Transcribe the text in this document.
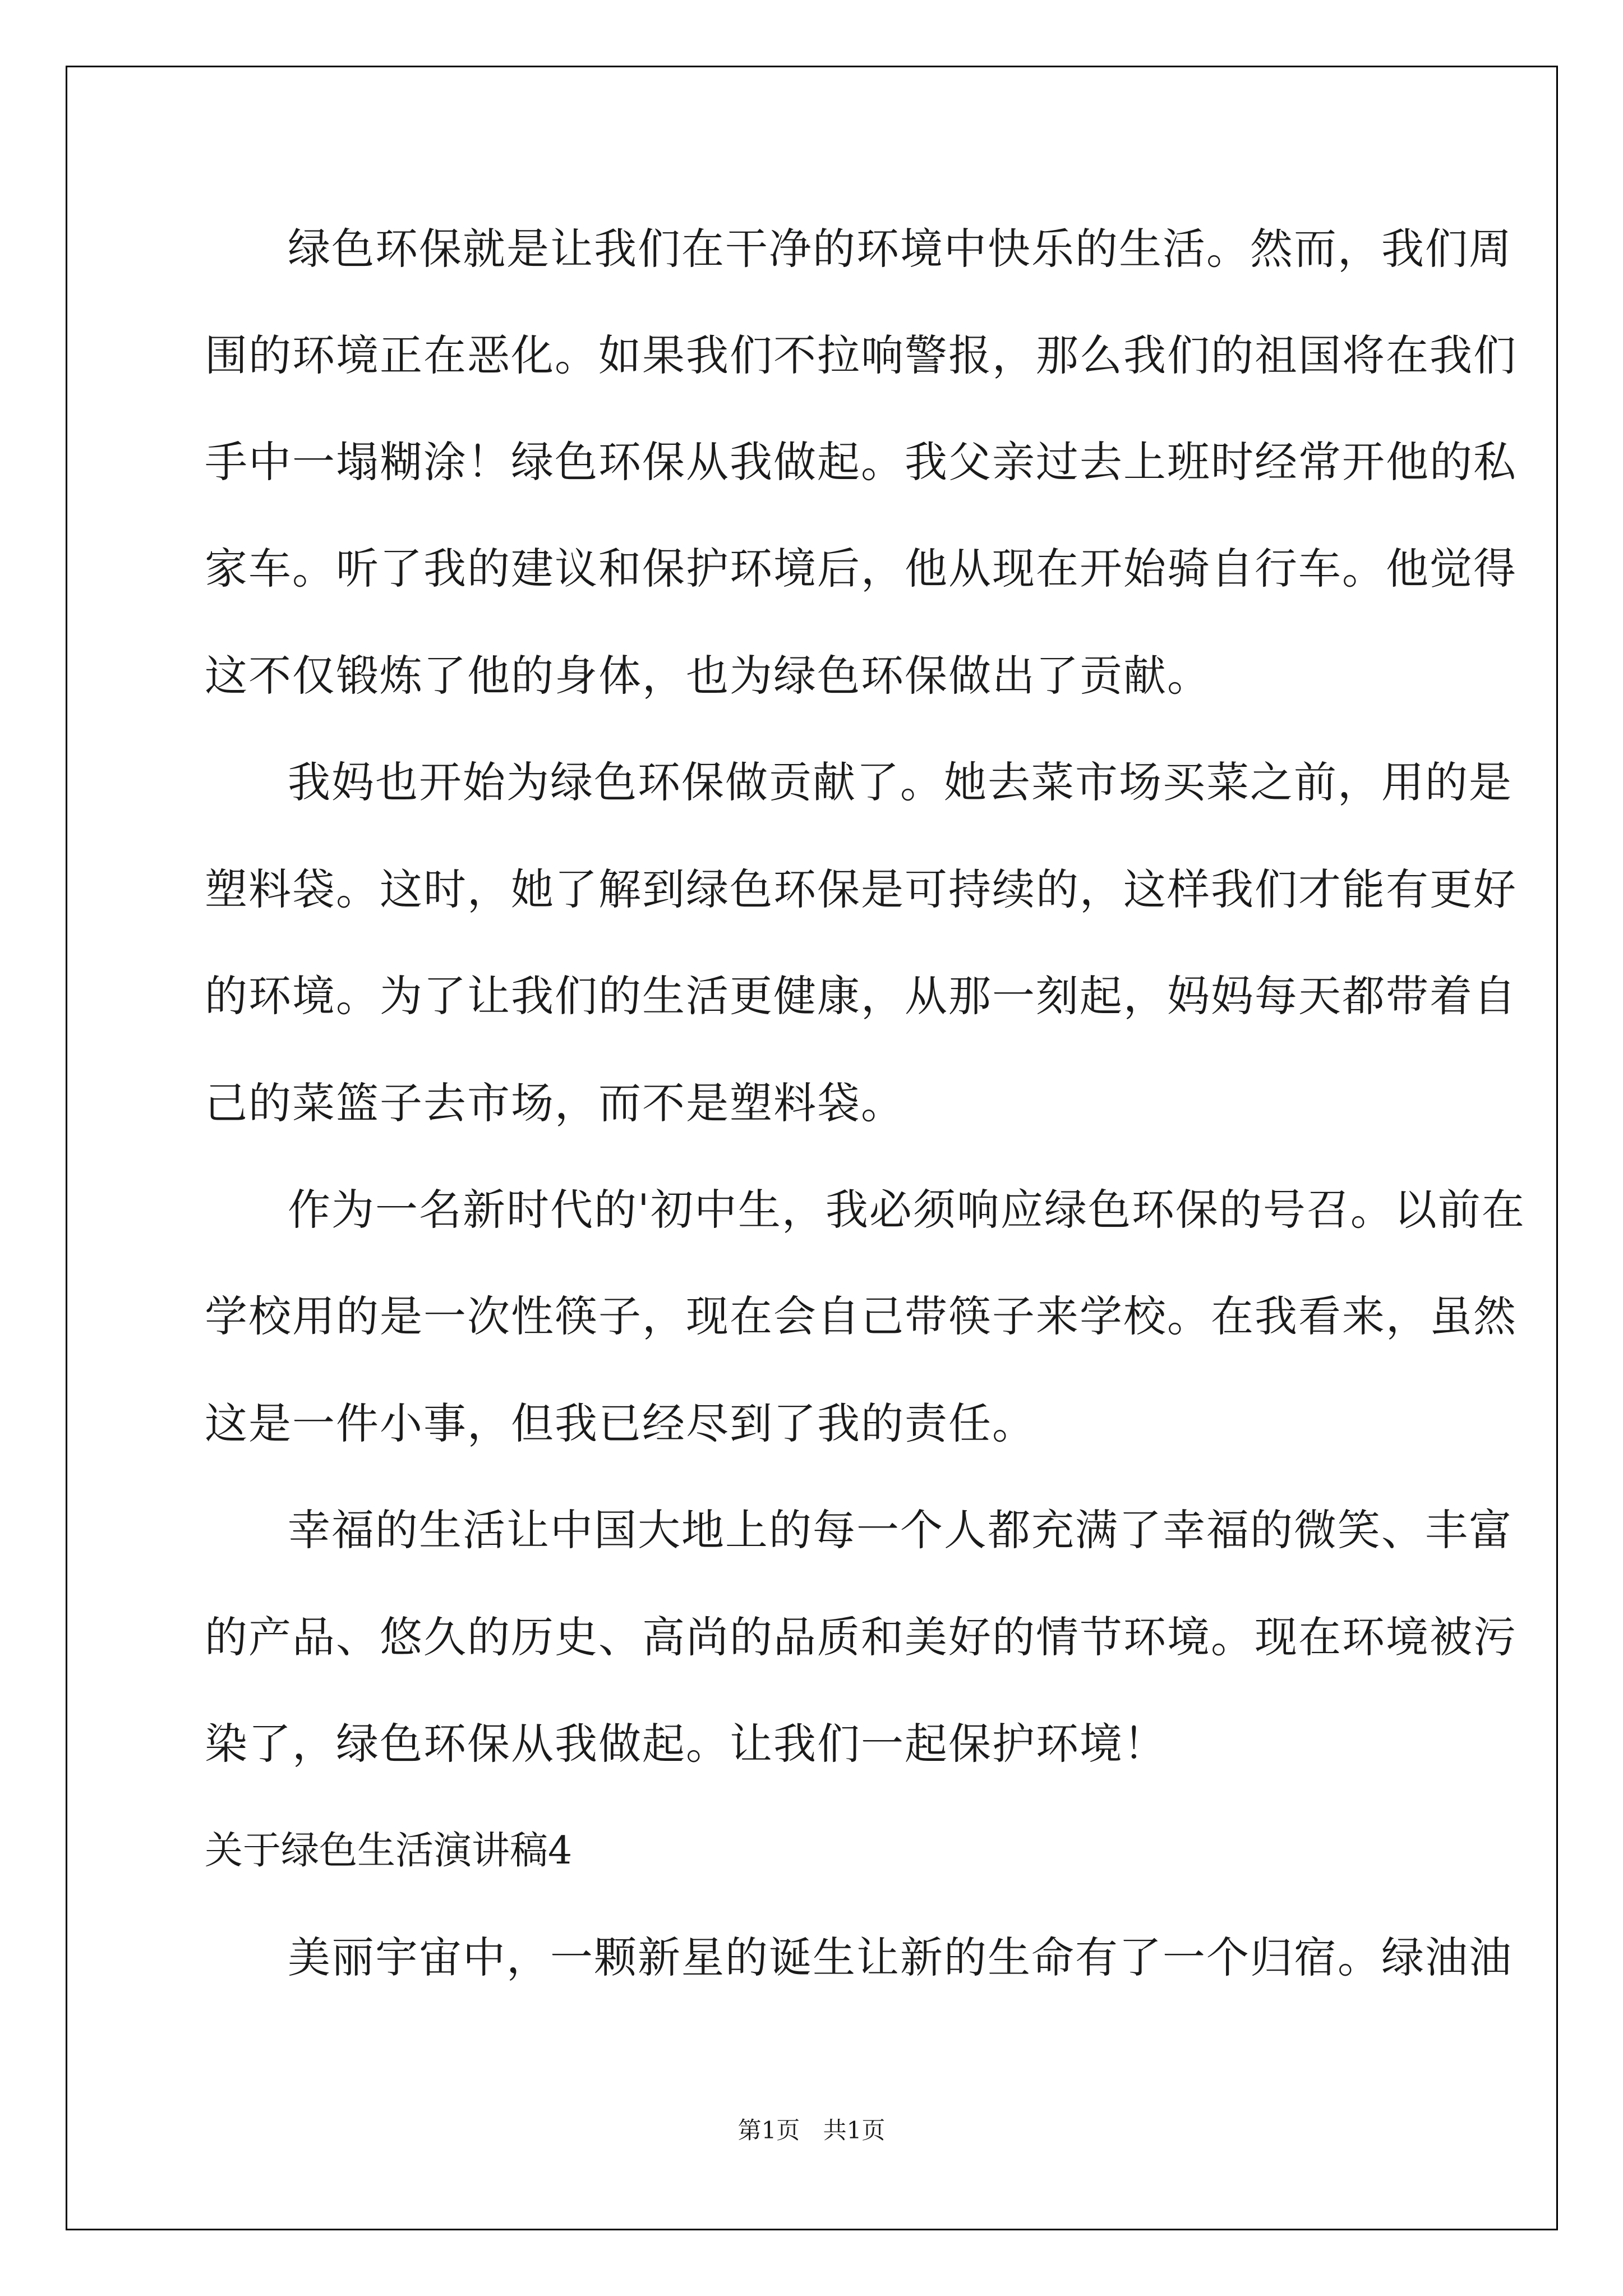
绿色环保就是让我们在干净的环境中快乐的生活。然而，我们周
围的环境正在恶化。如果我们不拉响警报，那么我们的祖国将在我们
手中一塌糊涂！绿色环保从我做起。我父亲过去上班时经常开他的私
家车。听了我的建议和保护环境后，他从现在开始骑自行车。他觉得
这不仅锻炼了他的身体，也为绿色环保做出了贡献。
我妈也开始为绿色环保做贡献了。她去菜市场买菜之前，用的是
塑料袋。这时，她了解到绿色环保是可持续的，这样我们才能有更好
的环境。为了让我们的生活更健康，从那一刻起，妈妈每天都带着自
己的菜篮子去市场，而不是塑料袋。
作为一名新时代的'初中生，我必须响应绿色环保的号召。以前在
学校用的是一次性筷子，现在会自己带筷子来学校。在我看来，虽然
这是一件小事，但我已经尽到了我的责任。
幸福的生活让中国大地上的每一个人都充满了幸福的微笑、丰富
的产品、悠久的历史、高尚的品质和美好的情节环境。现在环境被污
染了，绿色环保从我做起。让我们一起保护环境！
关于绿色生活演讲稿4
美丽宇宙中，一颗新星的诞生让新的生命有了一个归宿。绿油油
第1页 共1页
